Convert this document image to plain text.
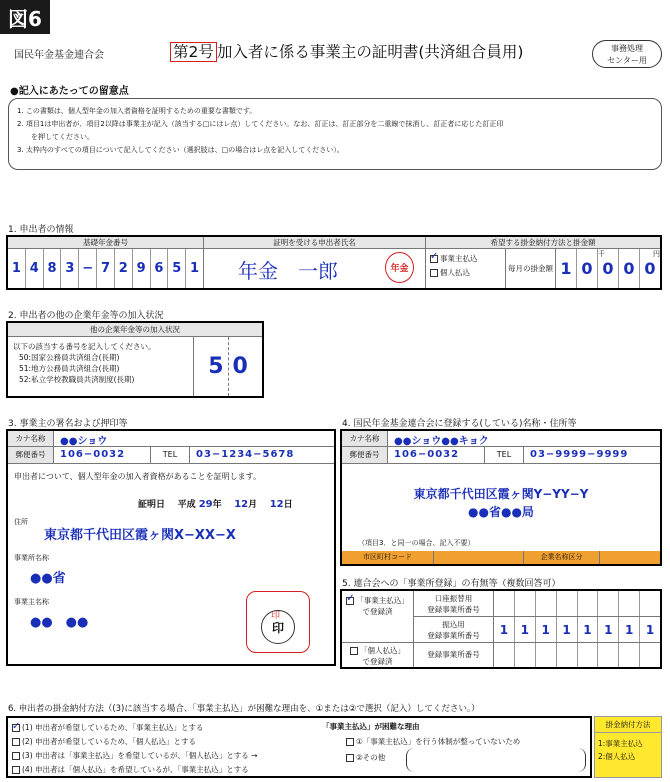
図6
国民年金基金連合会	第2号 加入者に係る事業主の証明書(共済組合員用)	事務処理
センター用
●記入にあたっての留意点
1. この書類は、個人型年金の加入者資格を証明するための重要な書類です。
2. 項目1は申出者が、項目2以降は事業主が記入（該当する□にはレ点）してください。なお、訂正は、訂正部分を二重線で抹消し、訂正者に応じた訂正印
　　を押してください。
3. 太枠内のすべての項目について記入してください（選択肢は、□の場合はレ点を記入してください）。
1. 申出者の情報
基礎年金番号	証明を受ける申出者氏名	希望する掛金納付方法と掛金額
1 4 8 3 − 7 2 9 6 5 1 年金　一郎	年金
✓事業主払込
個人払込	毎月の掛金額 1 0 0 0 0
千	円
2. 申出者の他の企業年金等の加入状況
他の企業年金等の加入状況
以下の該当する番号を記入してください。
50:国家公務員共済組合(長期)
51:地方公務員共済組合(長期)
52:私立学校教職員共済制度(長期)
5 0
3. 事業主の署名および押印等
カナ名称	●●ショウ
郵便番号	106−0032	TEL	03−1234−5678
申出者について、個人型年金の加入者資格があることを証明します。
証明日 平成 29年 12月 12日
住所
東京都千代田区霞ヶ関X−XX−X
事業所名称
●●省
事業主名称
●●　●●	印
印
4. 国民年金基金連合会に登録する(している)名称・住所等
カナ名称	●●ショウ●●キョク
郵便番号	106−0032	TEL	03−9999−9999
東京都千代田区霞ヶ関Y−YY−Y
●●省●●局
（項目3．と同一の場合、記入不要）
市区町村コード	企業名称区分
5. 連合会への「事業所登録」の有無等（複数回答可）
✓「事業主払込」
で登録済
口座振替用
登録事業所番号
振込用
登録事業所番号	1	1	1	1	1	1	1	1
「個人払込」
で登録済
登録事業所番号
6. 申出者の掛金納付方法（(3)に該当する場合、「事業主払込」が困難な理由を、①または②で選択（記入）してください。）
✓(1) 申出者が希望しているため、「事業主払込」とする
(2) 申出者が希望しているため、「個人払込」とする
(3) 申出者は「事業主払込」を希望しているが、「個人払込」とする →
(4) 申出者は「個人払込」を希望しているが、「事業主払込」とする
「事業主払込」が困難な理由
①「事業主払込」を行う体制が整っていないため
②その他
掛金納付方法
1:事業主払込
2:個人払込
